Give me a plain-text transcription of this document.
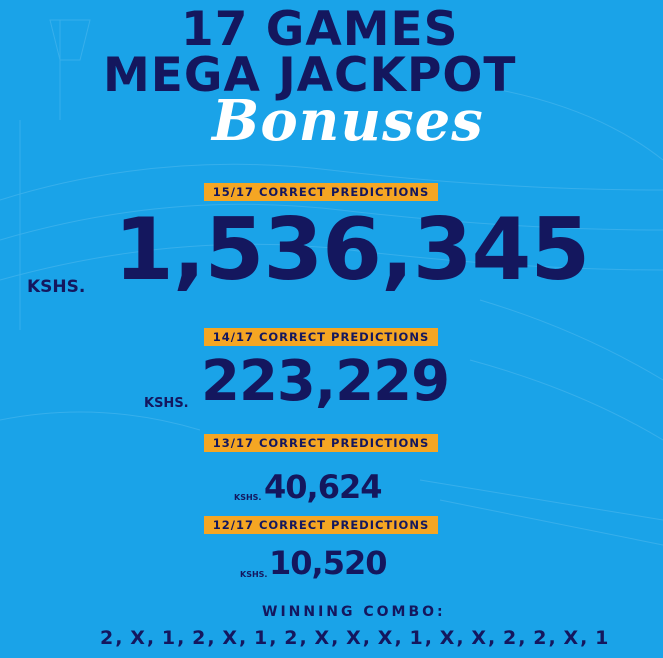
17 GAMES
MEGA JACKPOT
Bonuses
15/17 CORRECT PREDICTIONS
KSHS. 1,536,345
14/17 CORRECT PREDICTIONS
KSHS. 223,229
13/17 CORRECT PREDICTIONS
KSHS. 40,624
12/17 CORRECT PREDICTIONS
KSHS. 10,520
WINNING COMBO:
2, X, 1, 2, X, 1, 2, X, X, X, 1, X, X, 2, 2, X, 1
